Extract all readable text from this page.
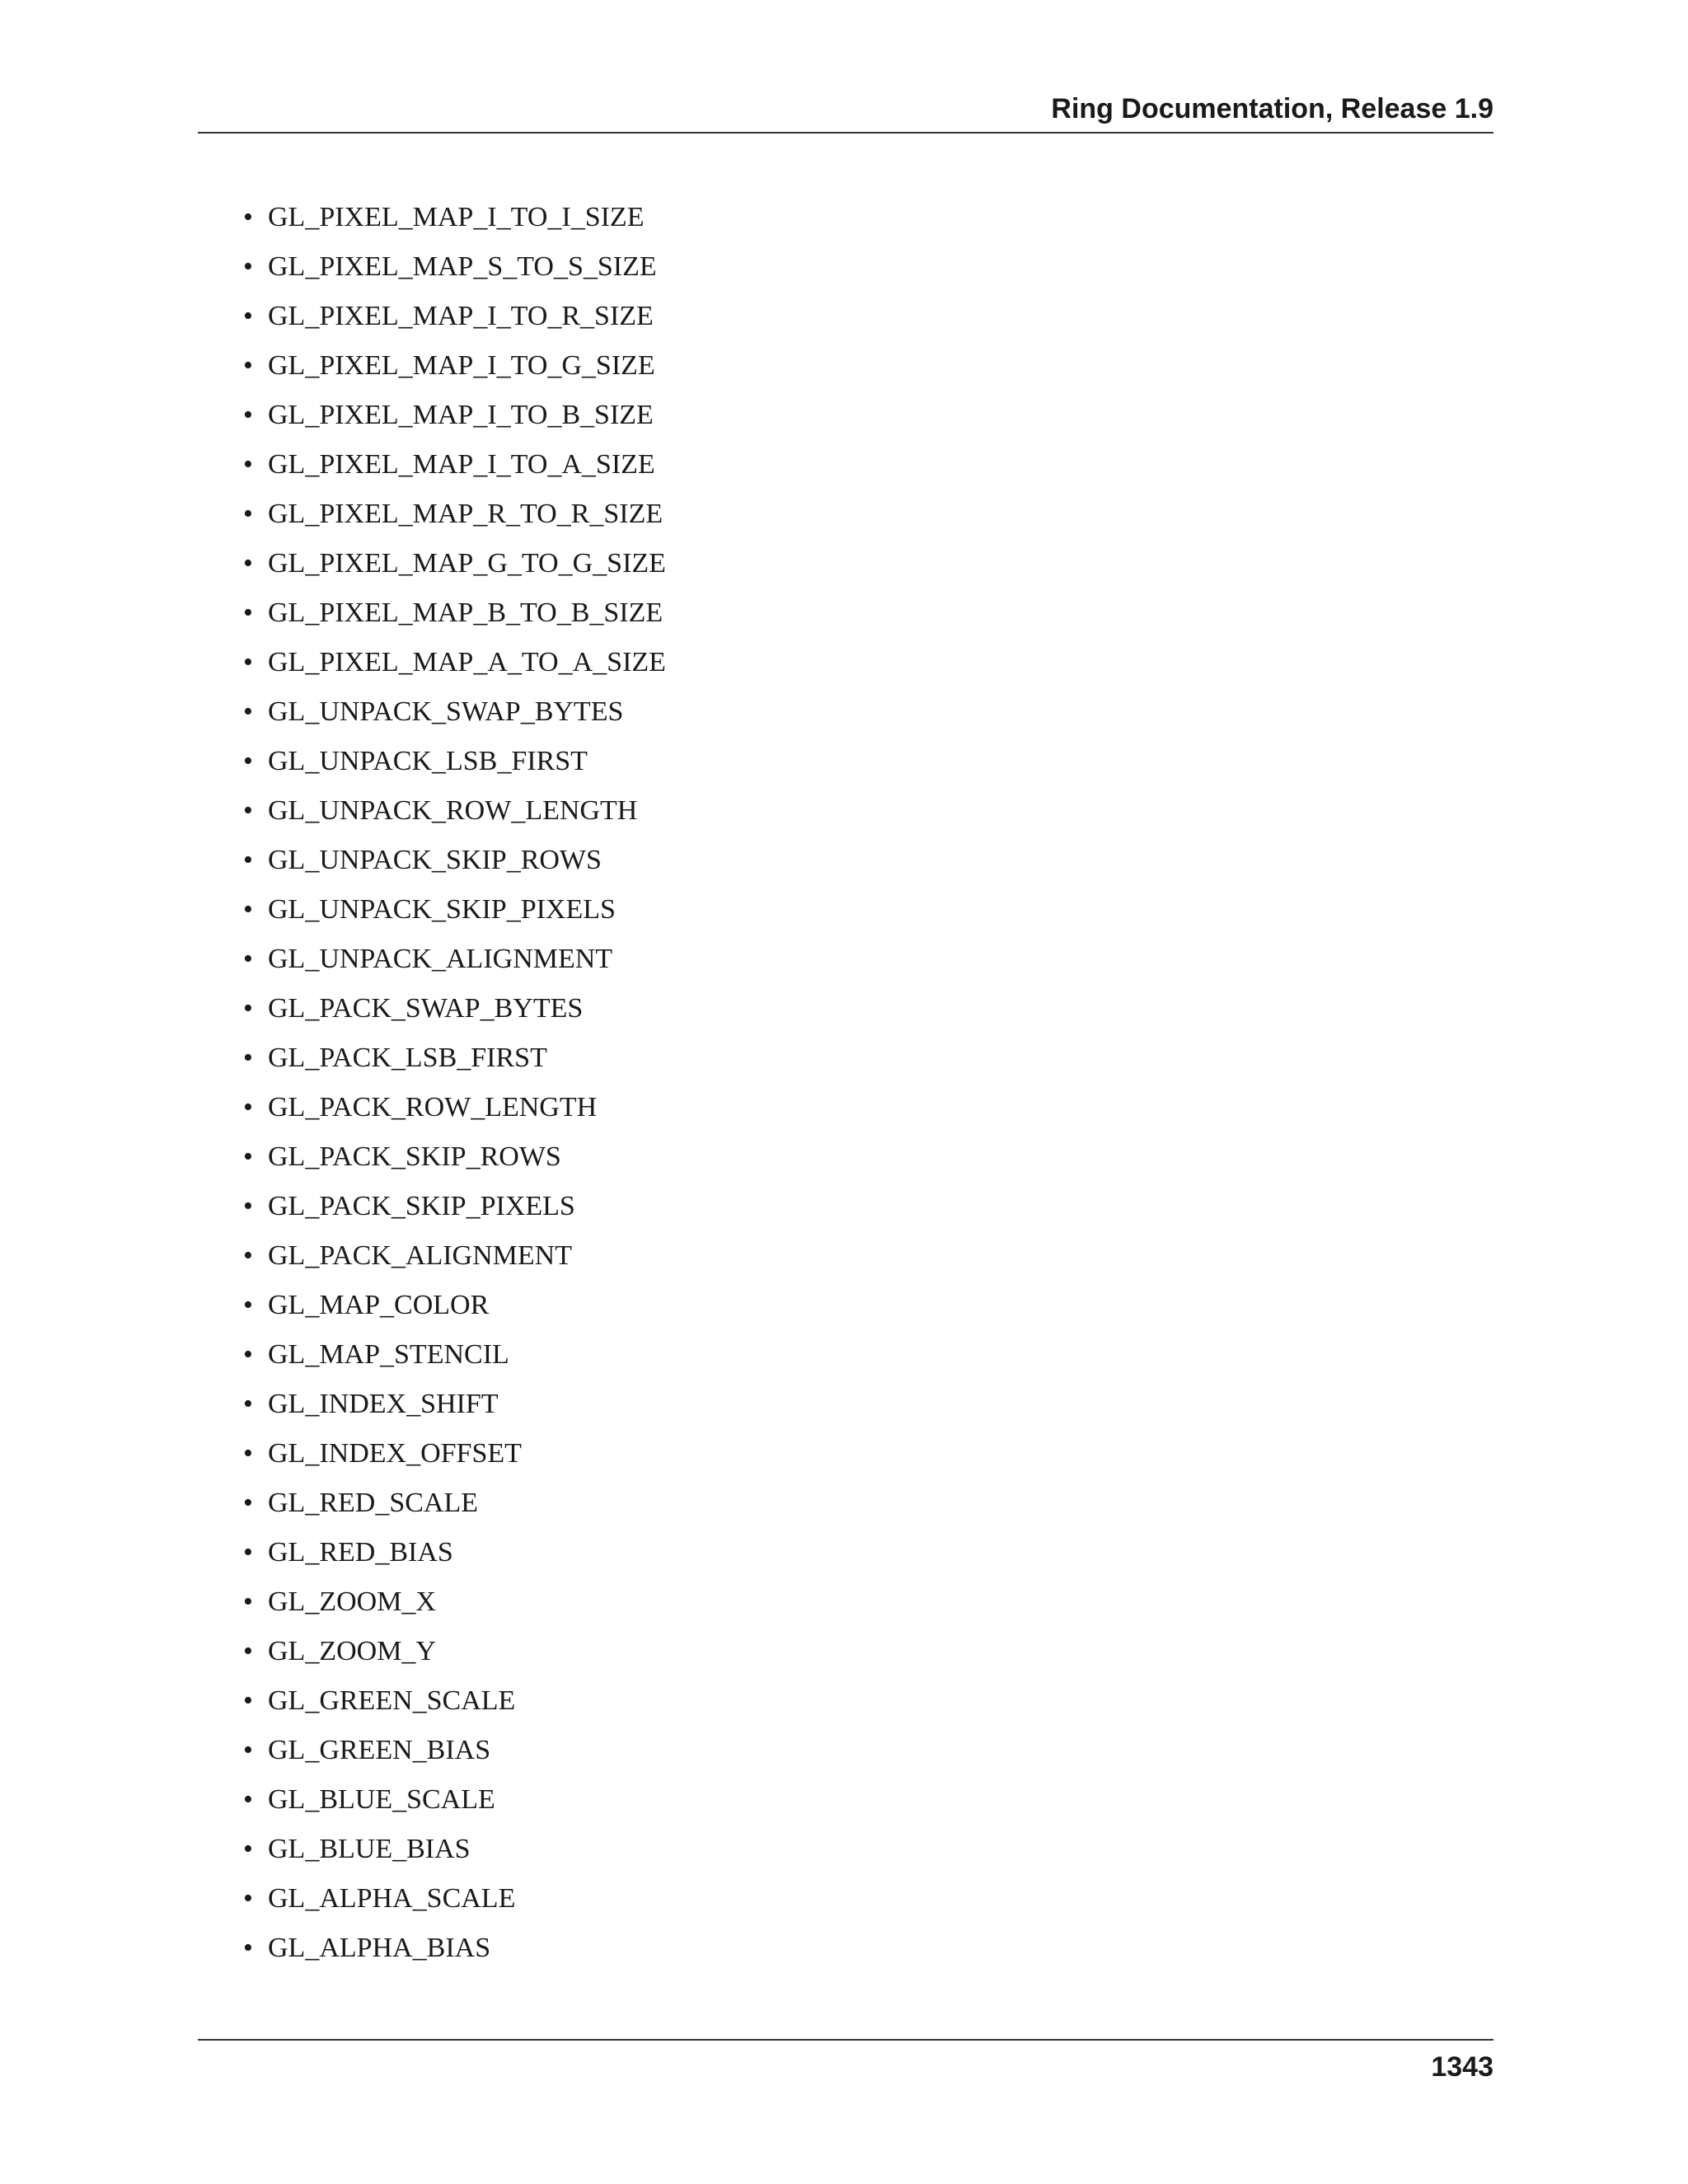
Ring Documentation, Release 1.9
• GL_PIXEL_MAP_I_TO_I_SIZE
• GL_PIXEL_MAP_S_TO_S_SIZE
• GL_PIXEL_MAP_I_TO_R_SIZE
• GL_PIXEL_MAP_I_TO_G_SIZE
• GL_PIXEL_MAP_I_TO_B_SIZE
• GL_PIXEL_MAP_I_TO_A_SIZE
• GL_PIXEL_MAP_R_TO_R_SIZE
• GL_PIXEL_MAP_G_TO_G_SIZE
• GL_PIXEL_MAP_B_TO_B_SIZE
• GL_PIXEL_MAP_A_TO_A_SIZE
• GL_UNPACK_SWAP_BYTES
• GL_UNPACK_LSB_FIRST
• GL_UNPACK_ROW_LENGTH
• GL_UNPACK_SKIP_ROWS
• GL_UNPACK_SKIP_PIXELS
• GL_UNPACK_ALIGNMENT
• GL_PACK_SWAP_BYTES
• GL_PACK_LSB_FIRST
• GL_PACK_ROW_LENGTH
• GL_PACK_SKIP_ROWS
• GL_PACK_SKIP_PIXELS
• GL_PACK_ALIGNMENT
• GL_MAP_COLOR
• GL_MAP_STENCIL
• GL_INDEX_SHIFT
• GL_INDEX_OFFSET
• GL_RED_SCALE
• GL_RED_BIAS
• GL_ZOOM_X
• GL_ZOOM_Y
• GL_GREEN_SCALE
• GL_GREEN_BIAS
• GL_BLUE_SCALE
• GL_BLUE_BIAS
• GL_ALPHA_SCALE
• GL_ALPHA_BIAS
1343
